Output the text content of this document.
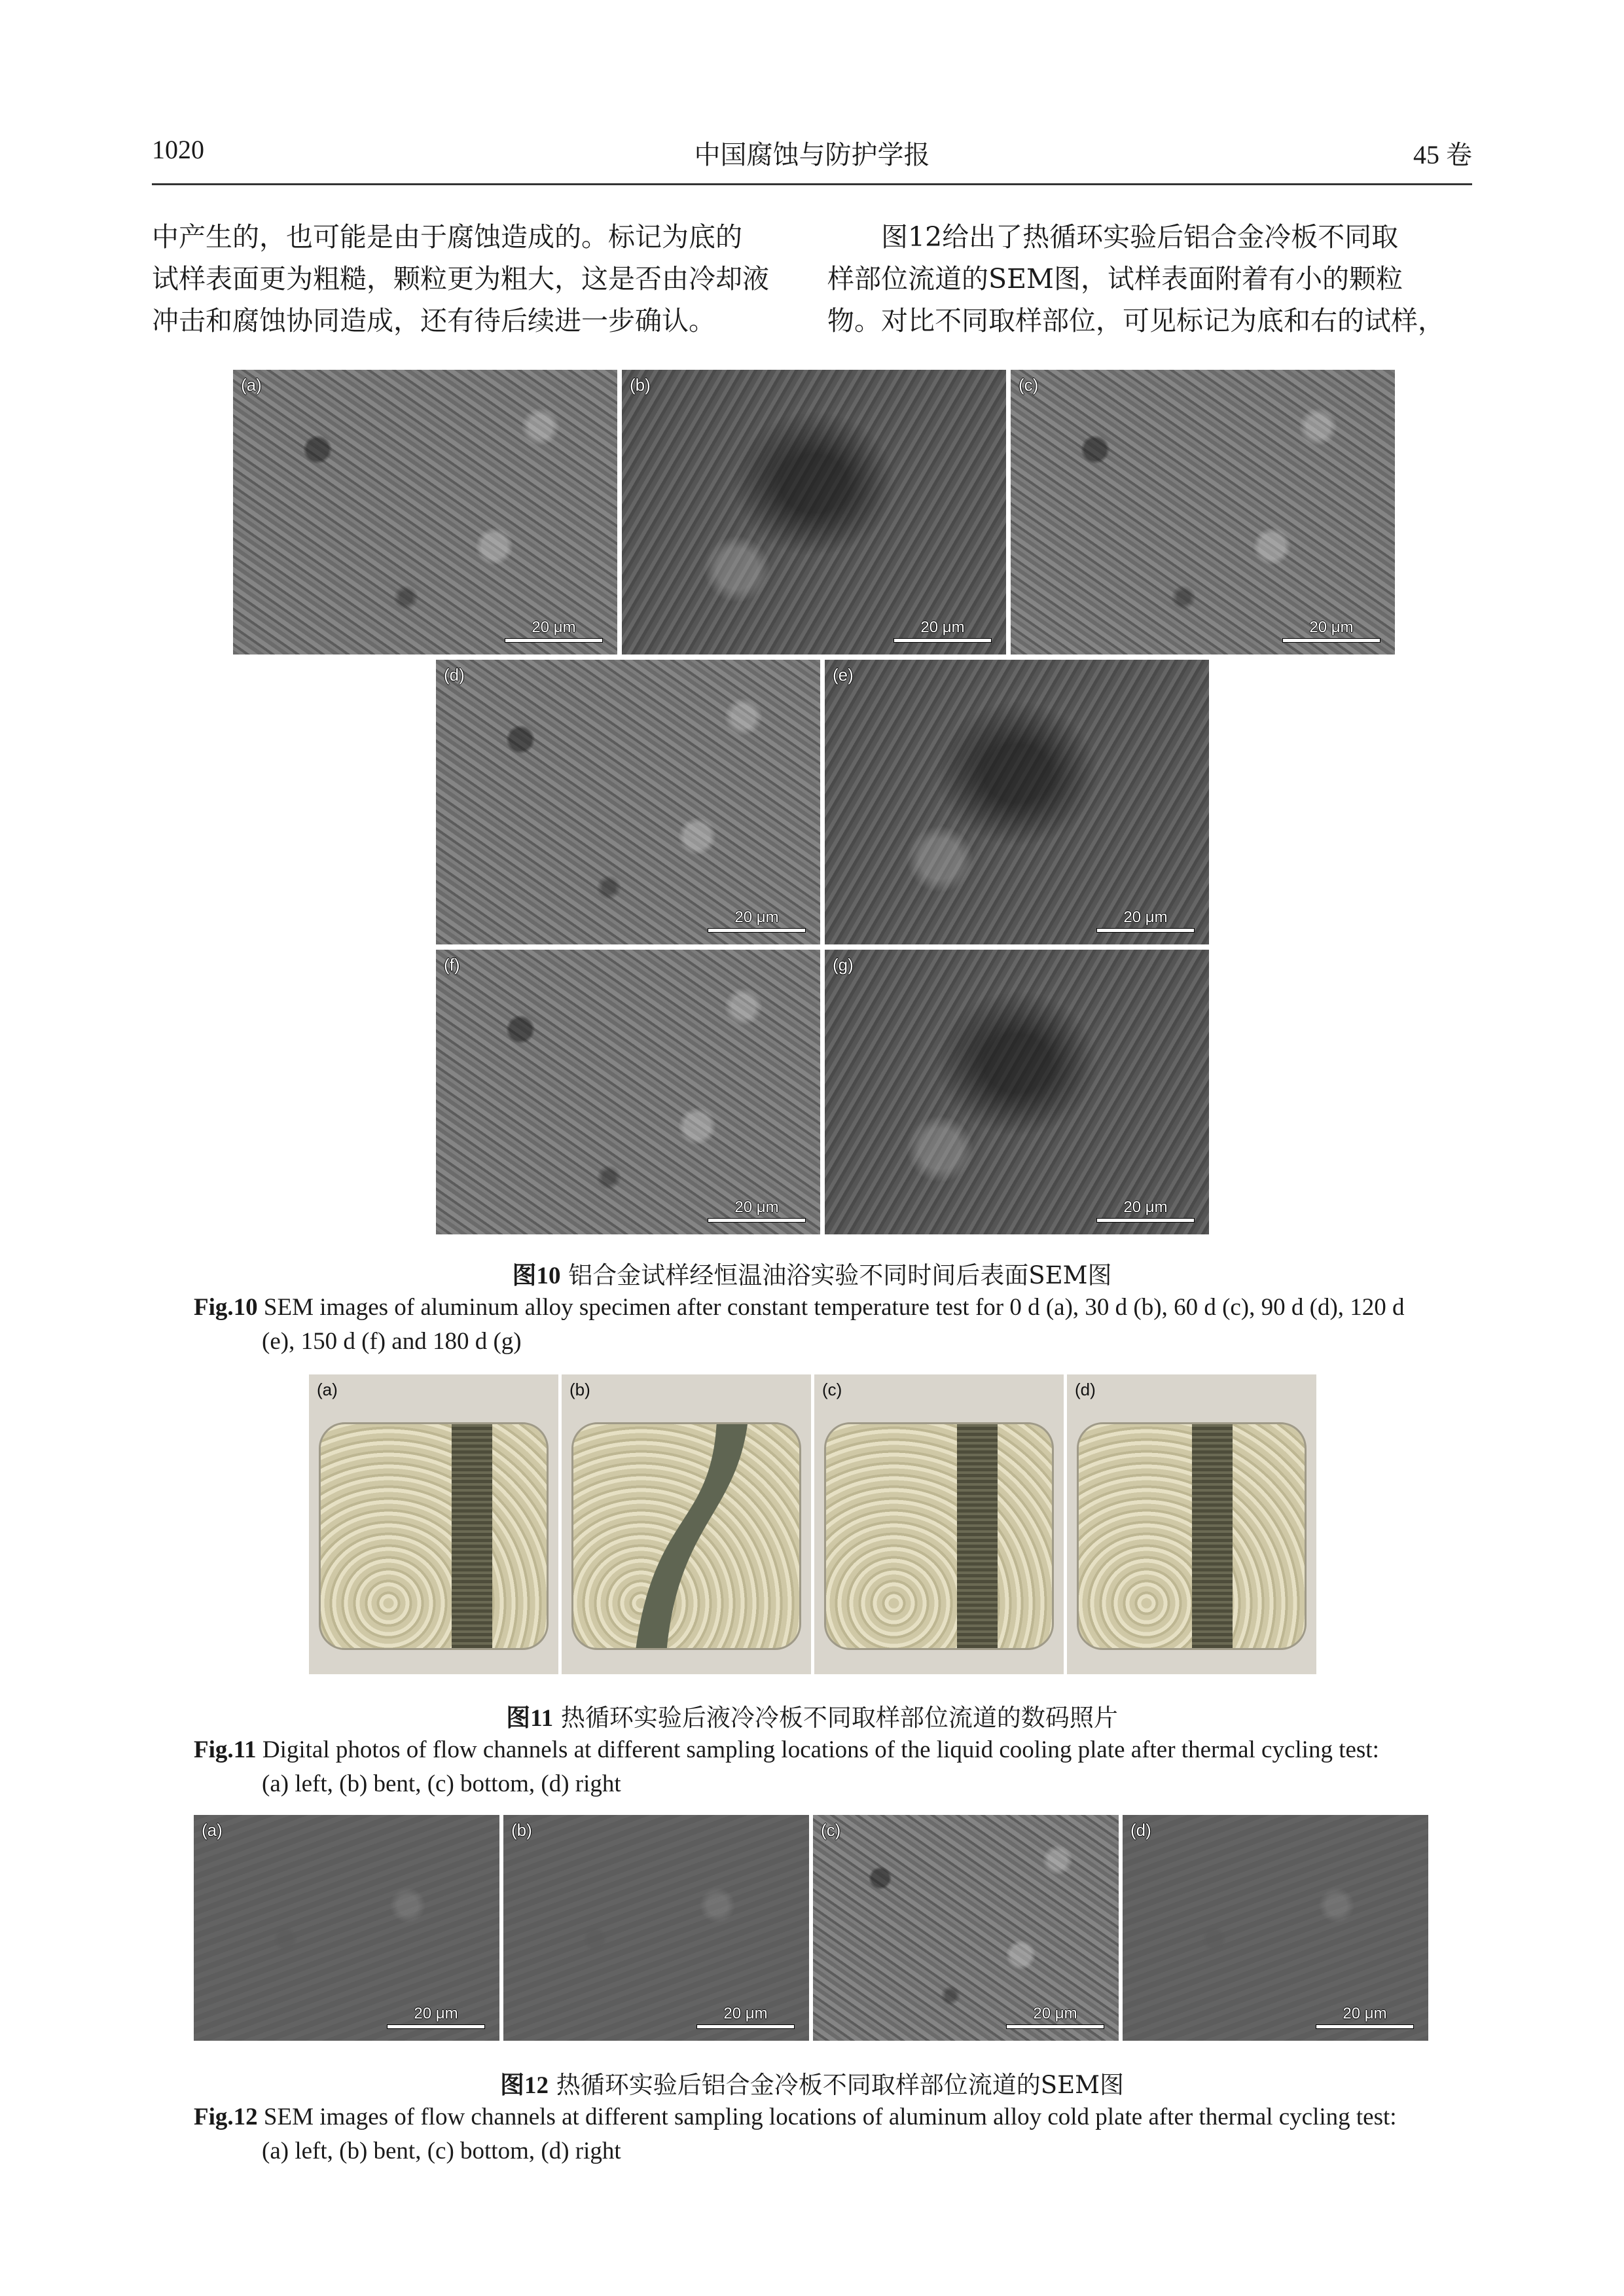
1020	中国腐蚀与防护学报	45 卷

中产生的，也可能是由于腐蚀造成的。标记为底的

试样表面更为粗糙，颗粒更为粗大，这是否由冷却液

冲击和腐蚀协同造成，还有待后续进一步确认。

图12给出了热循环实验后铝合金冷板不同取

样部位流道的SEM图，试样表面附着有小的颗粒

物。对比不同取样部位，可见标记为底和右的试样，

(a)
20 μm
(b)
20 μm
(c)
20 μm
(d)
20 μm
(e)
20 μm
(f)
20 μm
(g)
20 μm
图10 铝合金试样经恒温油浴实验不同时间后表面SEM图
Fig.10 SEM images of aluminum alloy specimen after constant temperature test for 0 d (a), 30 d (b), 60 d (c), 90 d (d), 120 d
(e), 150 d (f) and 180 d (g)
(a)	(b)	(c)	(d)
图11 热循环实验后液冷冷板不同取样部位流道的数码照片
Fig.11 Digital photos of flow channels at different sampling locations of the liquid cooling plate after thermal cycling test:
(a) left, (b) bent, (c) bottom, (d) right
(a)
20 μm
(b)
20 μm
(c)
20 μm
(d)
20 μm
图12 热循环实验后铝合金冷板不同取样部位流道的SEM图
Fig.12 SEM images of flow channels at different sampling locations of aluminum alloy cold plate after thermal cycling test:
(a) left, (b) bent, (c) bottom, (d) right
